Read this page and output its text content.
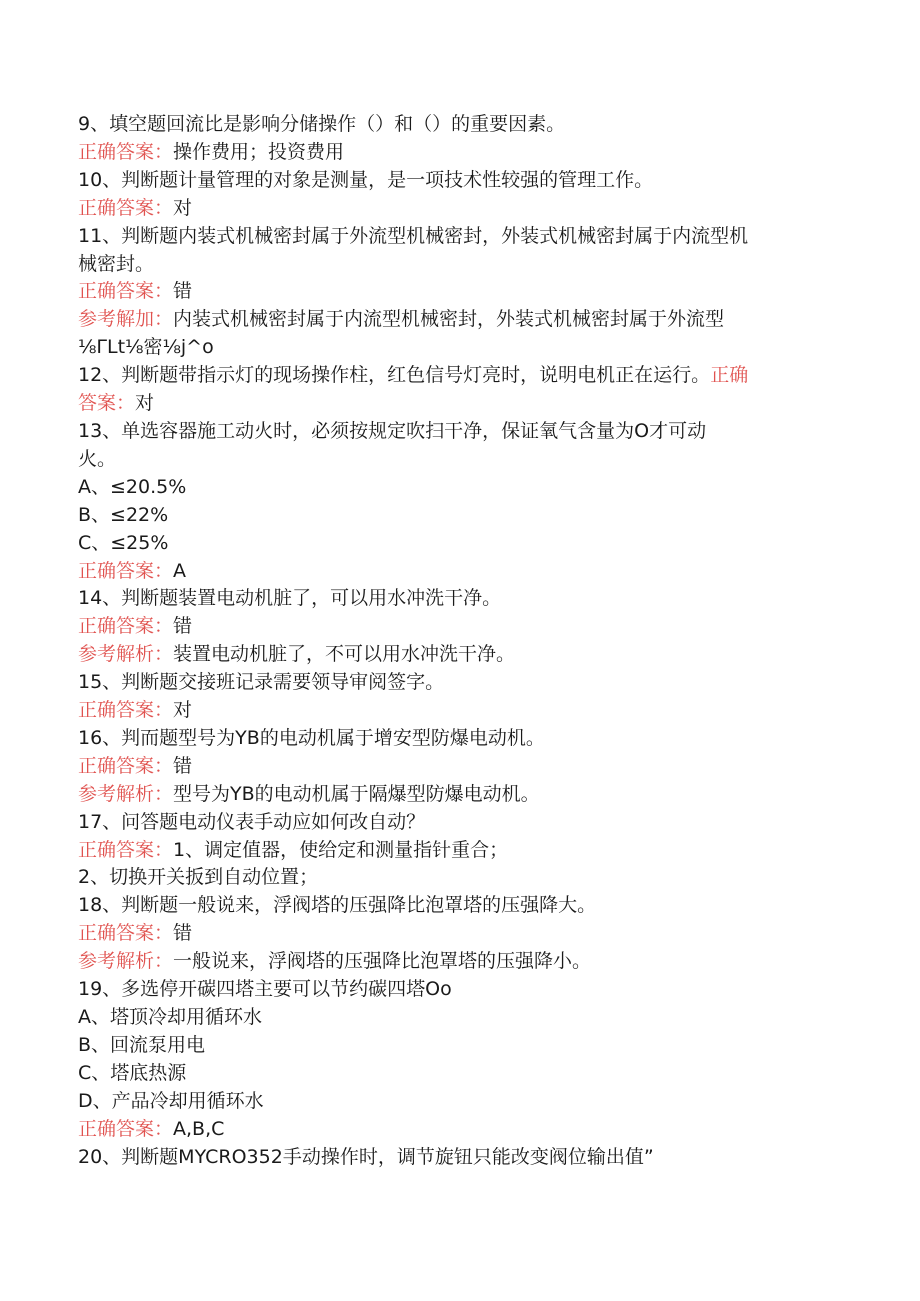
9、填空题回流比是影响分储操作（）和（）的重要因素。

正确答案：操作费用；投资费用

10、判断题计量管理的对象是测量，是一项技术性较强的管理工作。

正确答案：对

11、判断题内装式机械密封属于外流型机械密封，外装式机械密封属于内流型机

械密封。

正确答案：错

参考解加：内装式机械密封属于内流型机械密封，外装式机械密封属于外流型

⅛ΓLt⅛密⅛j^o

12、判断题带指示灯的现场操作柱，红色信号灯亮时，说明电机正在运行。正确

答案：对

13、单选容器施工动火时，必须按规定吹扫干净，保证氧气含量为O才可动

火。

A、≤20.5%

B、≤22%

C、≤25%

正确答案：A

14、判断题装置电动机脏了，可以用水冲洗干净。

正确答案：错

参考解析：装置电动机脏了，不可以用水冲洗干净。

15、判断题交接班记录需要领导审阅签字。

正确答案：对

16、判而题型号为YB的电动机属于增安型防爆电动机。

正确答案：错

参考解析：型号为YB的电动机属于隔爆型防爆电动机。

17、问答题电动仪表手动应如何改自动？

正确答案：1、调定值器，使给定和测量指针重合；

2、切换开关扳到自动位置；

18、判断题一般说来，浮阀塔的压强降比泡罩塔的压强降大。

正确答案：错

参考解析：一般说来，浮阀塔的压强降比泡罩塔的压强降小。

19、多选停开碳四塔主要可以节约碳四塔Oo

A、塔顶冷却用循环水

B、回流泵用电

C、塔底热源

D、产品冷却用循环水

正确答案：A,B,C

20、判断题MYCRO352手动操作时，调节旋钮只能改变阀位输出值”
